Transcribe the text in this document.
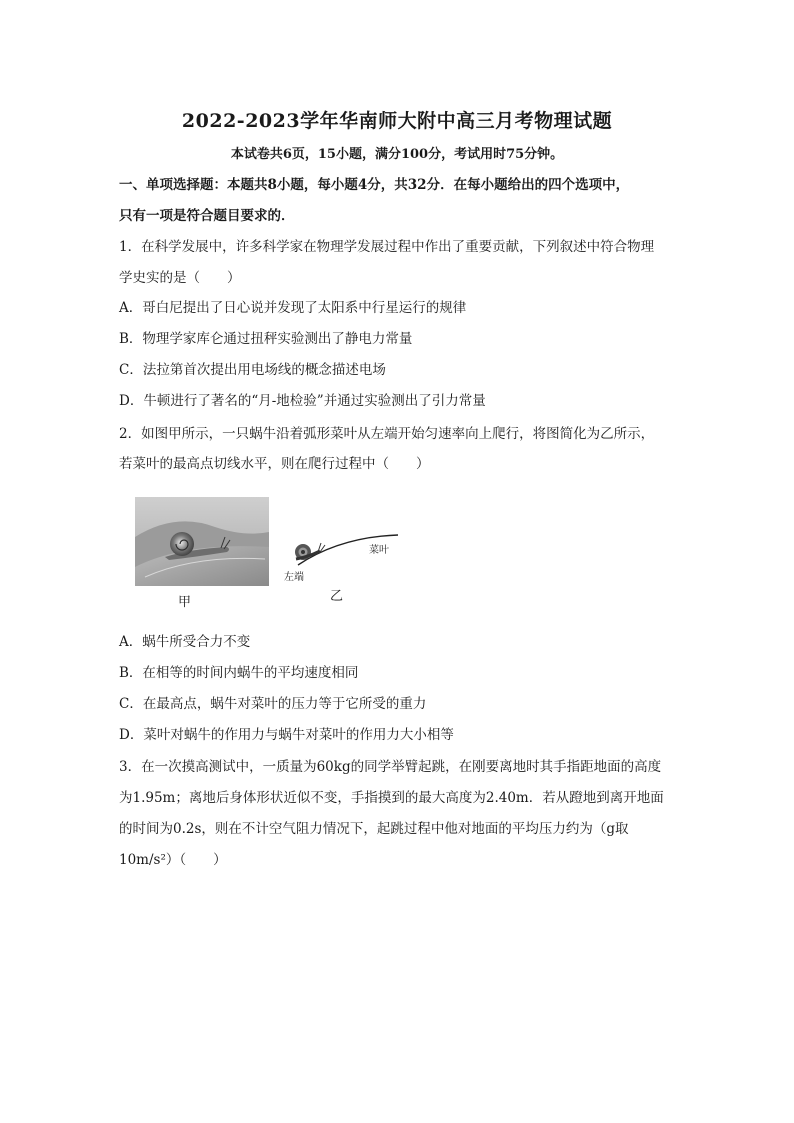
2022-2023学年华南师大附中高三月考物理试题
本试卷共6页，15小题，满分100分，考试用时75分钟。
一、单项选择题：本题共8小题，每小题4分，共32分．在每小题给出的四个选项中，
只有一项是符合题目要求的．
1．在科学发展中，许多科学家在物理学发展过程中作出了重要贡献，下列叙述中符合物理
学史实的是（　　）
A．哥白尼提出了日心说并发现了太阳系中行星运行的规律
B．物理学家库仑通过扭秤实验测出了静电力常量
C．法拉第首次提出用电场线的概念描述电场
D．牛顿进行了著名的“月-地检验”并通过实验测出了引力常量
2．如图甲所示，一只蜗牛沿着弧形菜叶从左端开始匀速率向上爬行，将图简化为乙所示，
若菜叶的最高点切线水平，则在爬行过程中（　　）
甲
左端
菜叶
乙
A．蜗牛所受合力不变
B．在相等的时间内蜗牛的平均速度相同
C．在最高点，蜗牛对菜叶的压力等于它所受的重力
D．菜叶对蜗牛的作用力与蜗牛对菜叶的作用力大小相等
3．在一次摸高测试中，一质量为60kg的同学举臂起跳，在刚要离地时其手指距地面的高度
为1.95m；离地后身体形状近似不变，手指摸到的最大高度为2.40m．若从蹬地到离开地面
的时间为0.2s，则在不计空气阻力情况下，起跳过程中他对地面的平均压力约为（g取
10m/s²）（　　）
